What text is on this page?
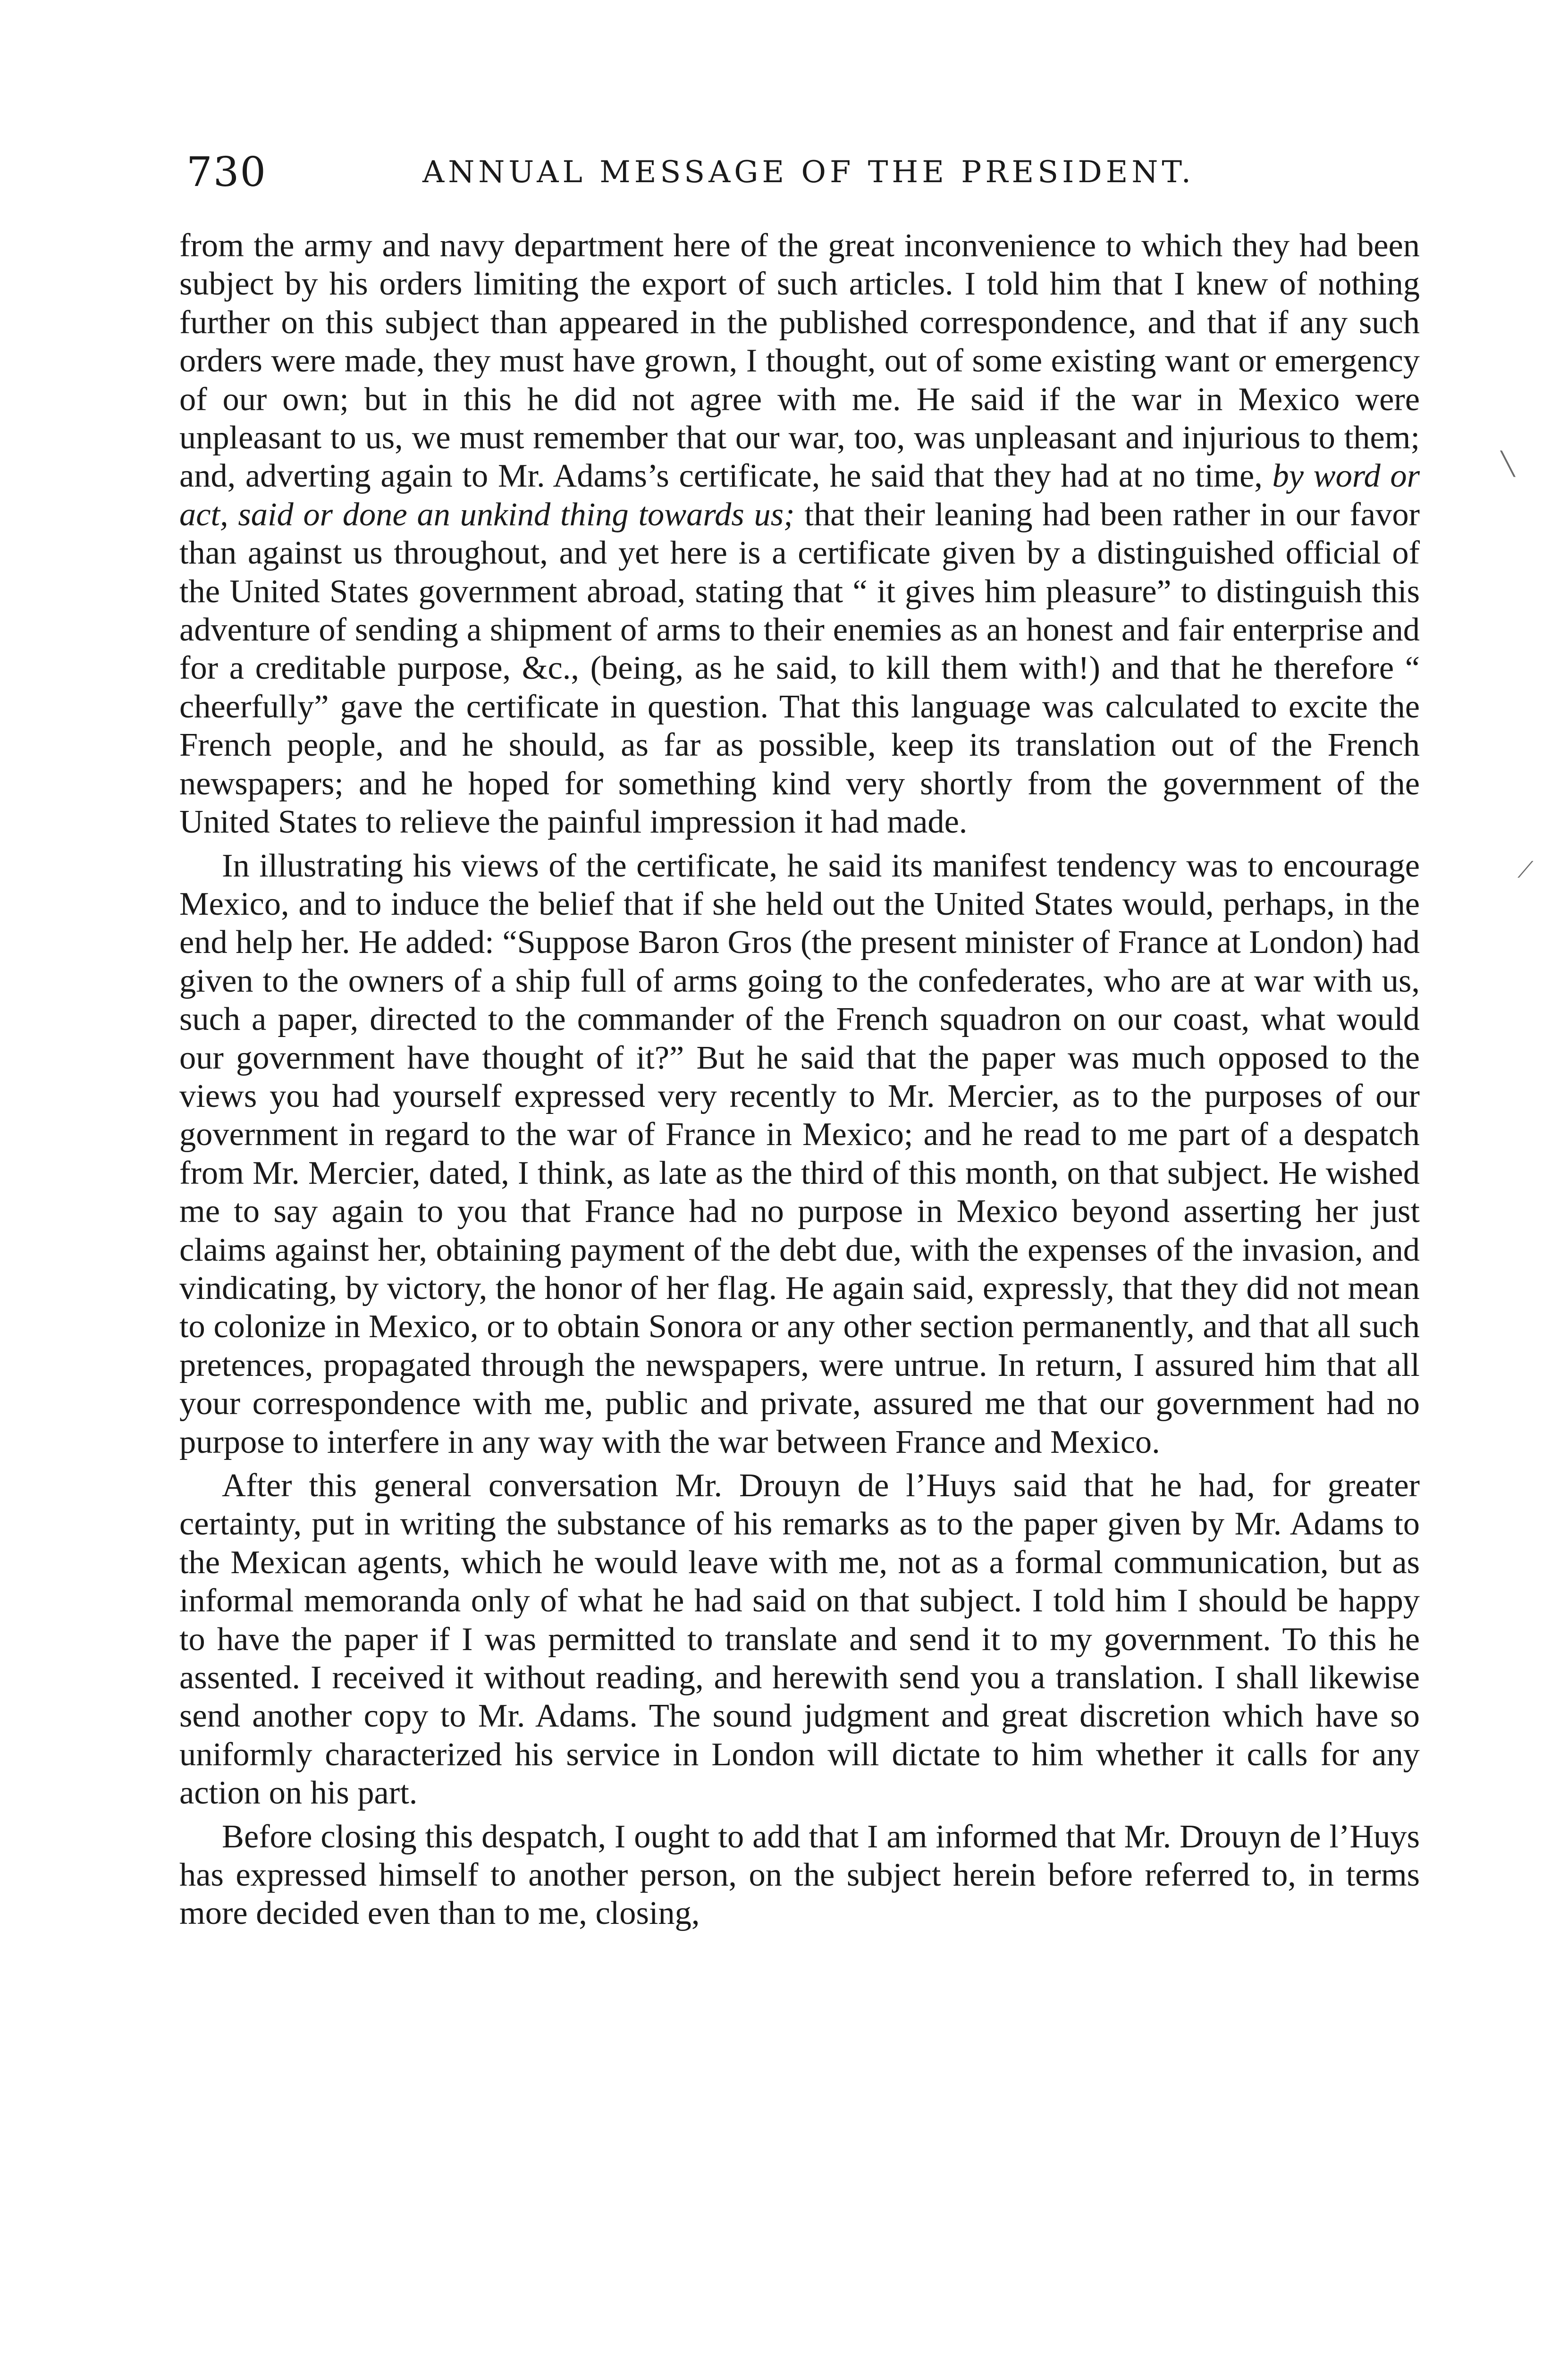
730	ANNUAL MESSAGE OF THE PRESIDENT.

from the army and navy department here of the great inconvenience to which they had been subject by his orders limiting the export of such articles. I told him that I knew of nothing further on this subject than appeared in the published correspondence, and that if any such orders were made, they must have grown, I thought, out of some existing want or emergency of our own; but in this he did not agree with me. He said if the war in Mexico were unpleasant to us, we must remember that our war, too, was unpleasant and injurious to them; and, adverting again to Mr. Adams’s certificate, he said that they had at no time, by word or act, said or done an unkind thing towards us; that their leaning had been rather in our favor than against us throughout, and yet here is a certificate given by a distinguished official of the United States government abroad, stating that “ it gives him pleasure” to distinguish this adventure of sending a shipment of arms to their enemies as an honest and fair enterprise and for a creditable purpose, &c., (being, as he said, to kill them with!) and that he therefore “ cheerfully” gave the certificate in question. That this language was calculated to excite the French people, and he should, as far as possible, keep its translation out of the French newspapers; and he hoped for something kind very shortly from the government of the United States to relieve the painful impression it had made.

In illustrating his views of the certificate, he said its manifest tendency was to encourage Mexico, and to induce the belief that if she held out the United States would, perhaps, in the end help her. He added: “Suppose Baron Gros (the present minister of France at London) had given to the owners of a ship full of arms going to the confederates, who are at war with us, such a paper, directed to the commander of the French squadron on our coast, what would our government have thought of it?” But he said that the paper was much opposed to the views you had yourself expressed very recently to Mr. Mercier, as to the purposes of our government in regard to the war of France in Mexico; and he read to me part of a despatch from Mr. Mercier, dated, I think, as late as the third of this month, on that subject. He wished me to say again to you that France had no purpose in Mexico beyond asserting her just claims against her, obtaining payment of the debt due, with the expenses of the invasion, and vindicating, by victory, the honor of her flag. He again said, expressly, that they did not mean to colonize in Mexico, or to obtain Sonora or any other section permanently, and that all such pretences, propagated through the newspapers, were untrue. In return, I assured him that all your correspondence with me, public and private, assured me that our government had no purpose to interfere in any way with the war between France and Mexico.

After this general conversation Mr. Drouyn de l’Huys said that he had, for greater certainty, put in writing the substance of his remarks as to the paper given by Mr. Adams to the Mexican agents, which he would leave with me, not as a formal communication, but as informal memoranda only of what he had said on that subject. I told him I should be happy to have the paper if I was permitted to translate and send it to my government. To this he assented. I received it without reading, and herewith send you a translation. I shall likewise send another copy to Mr. Adams. The sound judgment and great discretion which have so uniformly characterized his service in London will dictate to him whether it calls for any action on his part.

Before closing this despatch, I ought to add that I am informed that Mr. Drouyn de l’Huys has expressed himself to another person, on the subject herein before referred to, in terms more decided even than to me, closing,

╲
⟋
